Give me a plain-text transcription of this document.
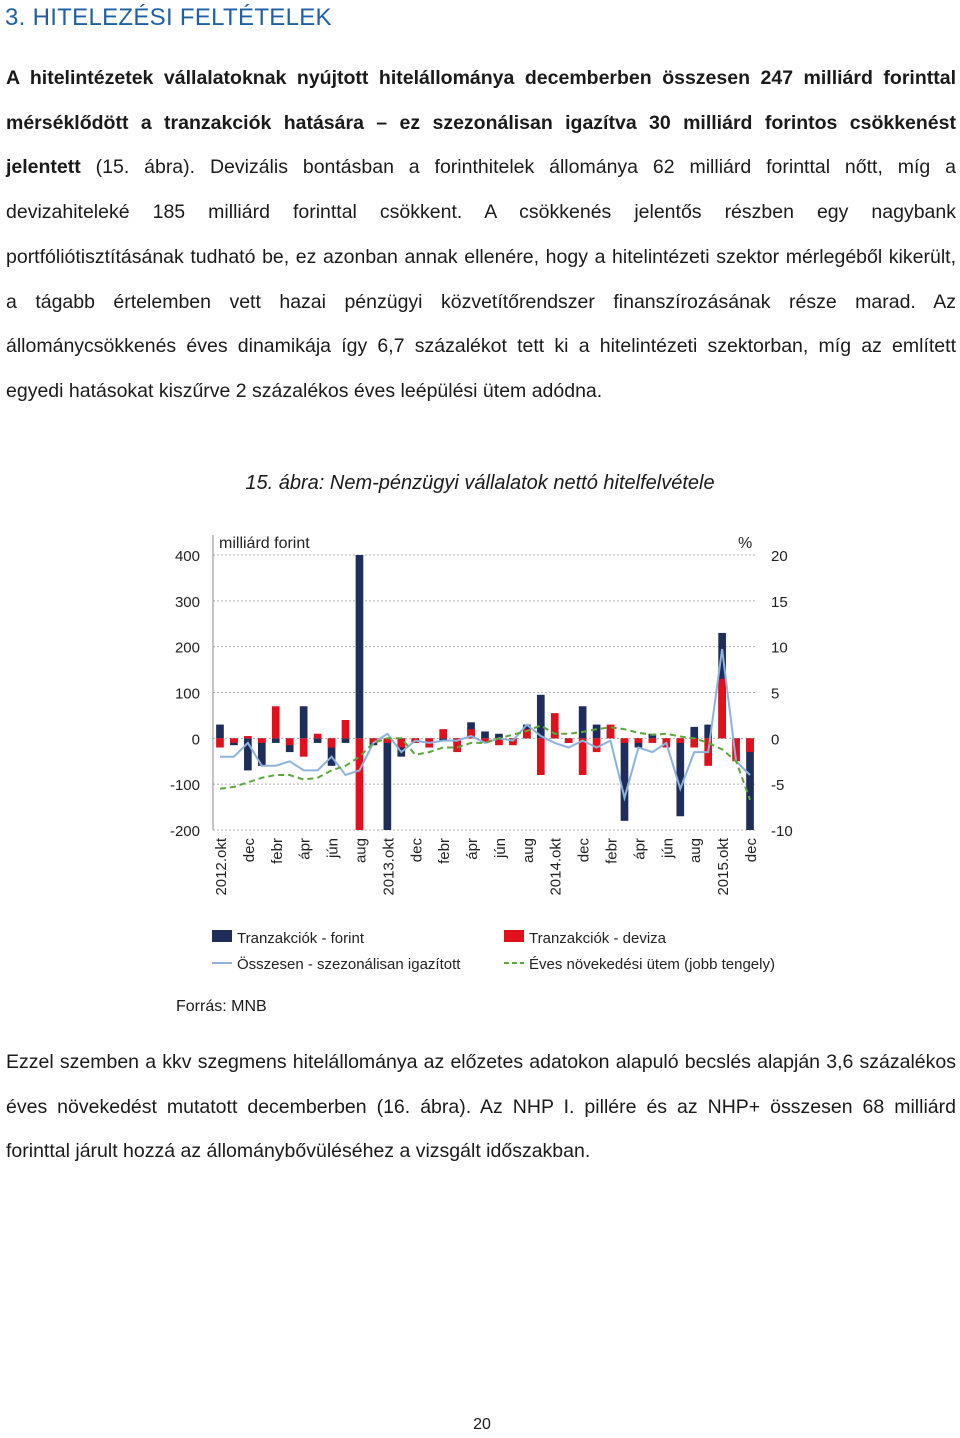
3. HITELEZÉSI FELTÉTELEK

A hitelintézetek vállalatoknak nyújtott hitelállománya decemberben összesen 247 milliárd forinttal mérséklődött a tranzakciók hatására – ez szezonálisan igazítva 30 milliárd forintos csökkenést jelentett (15. ábra). Devizális bontásban a forinthitelek állománya 62 milliárd forinttal nőtt, míg a devizahiteleké 185 milliárd forinttal csökkent. A csökkenés jelentős részben egy nagybank portfóliótisztításának tudható be, ez azonban annak ellenére, hogy a hitelintézeti szektor mérlegéből kikerült, a tágabb értelemben vett hazai pénzügyi közvetítőrendszer finanszírozásának része marad. Az állománycsökkenés éves dinamikája így 6,7 százalékot tett ki a hitelintézeti szektorban, míg az említett egyedi hatásokat kiszűrve 2 százalékos éves leépülési ütem adódna.

15. ábra: Nem-pénzügyi vállalatok nettó hitelfelvétele

400
300
200
100
0
-100
-200
20
15
10
5
0
-5
-10
milliárd forint	%
2012.okt dec febr ápr jún aug 2013.okt dec febr ápr jún aug 2014.okt dec febr ápr jún aug 2015.okt dec
Tranzakciók - forint	Tranzakciók - deviza
Összesen - szezonálisan igazított	Éves növekedési ütem (jobb tengely)
Forrás: MNB

Ezzel szemben a kkv szegmens hitelállománya az előzetes adatokon alapuló becslés alapján 3,6 százalékos éves növekedést mutatott decemberben (16. ábra). Az NHP I. pillére és az NHP+ összesen 68 milliárd forinttal járult hozzá az állománybővüléséhez a vizsgált időszakban.

20
